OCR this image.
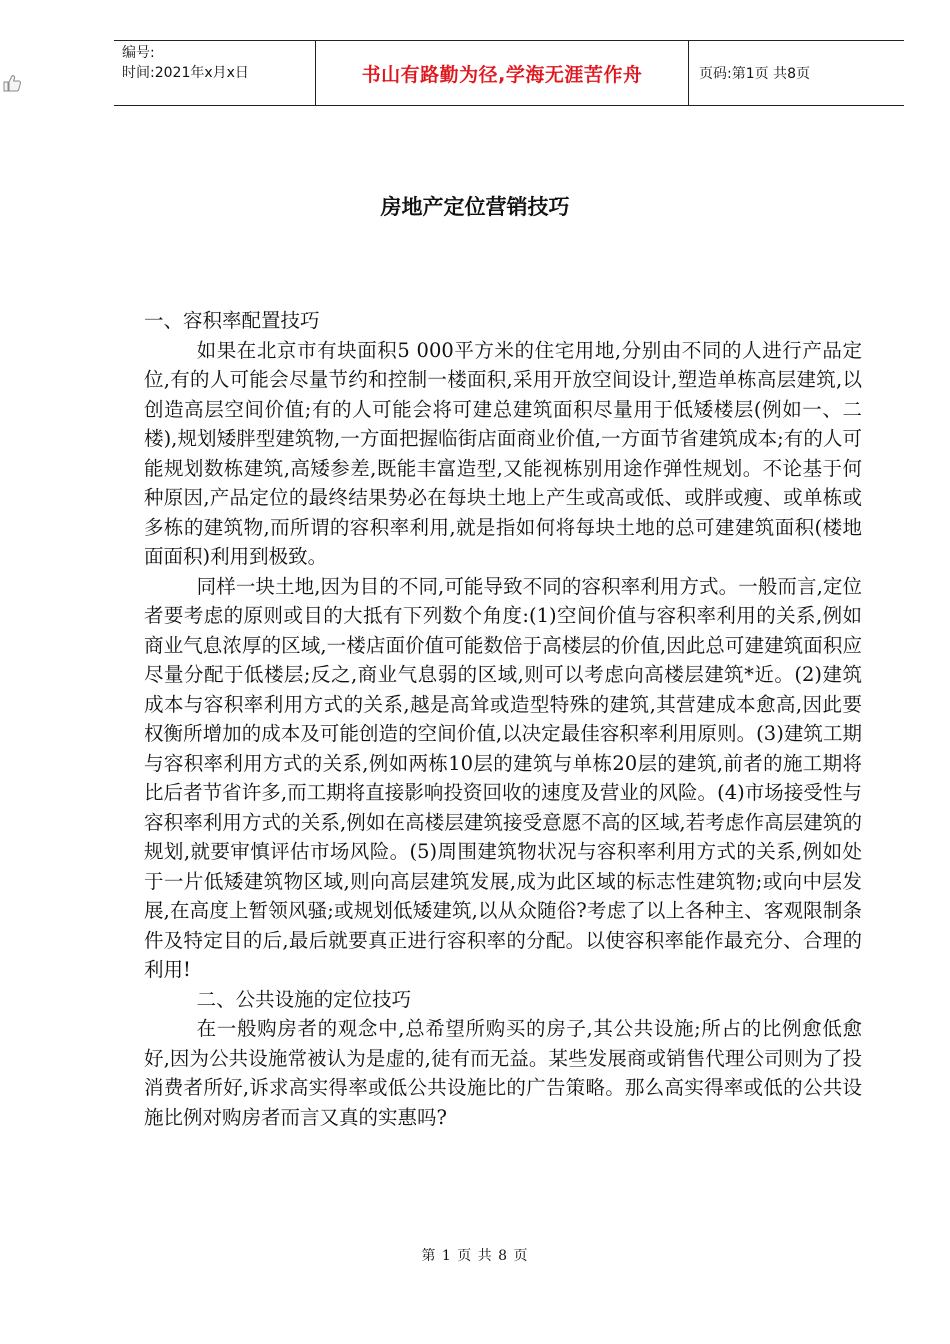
编号:
时间:2021年x月x日	书山有路勤为径,学海无涯苦作舟	页码:第1页 共8页
房地产定位营销技巧

一、容积率配置技巧

如果在北京市有块面积5 000平方米的住宅用地,分别由不同的人进行产品定位,有的人可能会尽量节约和控制一楼面积,采用开放空间设计,塑造单栋高层建筑,以创造高层空间价值;有的人可能会将可建总建筑面积尽量用于低矮楼层(例如一、二楼),规划矮胖型建筑物,一方面把握临街店面商业价值,一方面节省建筑成本;有的人可能规划数栋建筑,高矮参差,既能丰富造型,又能视栋别用途作弹性规划。不论基于何种原因,产品定位的最终结果势必在每块土地上产生或高或低、或胖或瘦、或单栋或多栋的建筑物,而所谓的容积率利用,就是指如何将每块土地的总可建建筑面积(楼地面面积)利用到极致。

同样一块土地,因为目的不同,可能导致不同的容积率利用方式。一般而言,定位者要考虑的原则或目的大抵有下列数个角度:(1)空间价值与容积率利用的关系,例如商业气息浓厚的区域,一楼店面价值可能数倍于高楼层的价值,因此总可建建筑面积应尽量分配于低楼层;反之,商业气息弱的区域,则可以考虑向高楼层建筑*近。(2)建筑成本与容积率利用方式的关系,越是高耸或造型特殊的建筑,其营建成本愈高,因此要权衡所增加的成本及可能创造的空间价值,以决定最佳容积率利用原则。(3)建筑工期与容积率利用方式的关系,例如两栋10层的建筑与单栋20层的建筑,前者的施工期将比后者节省许多,而工期将直接影响投资回收的速度及营业的风险。(4)市场接受性与容积率利用方式的关系,例如在高楼层建筑接受意愿不高的区域,若考虑作高层建筑的规划,就要审慎评估市场风险。(5)周围建筑物状况与容积率利用方式的关系,例如处于一片低矮建筑物区域,则向高层建筑发展,成为此区域的标志性建筑物;或向中层发展,在高度上暂领风骚;或规划低矮建筑,以从众随俗?考虑了以上各种主、客观限制条件及特定目的后,最后就要真正进行容积率的分配。以使容积率能作最充分、合理的利用!

二、公共设施的定位技巧

在一般购房者的观念中,总希望所购买的房子,其公共设施;所占的比例愈低愈好,因为公共设施常被认为是虚的,徒有而无益。某些发展商或销售代理公司则为了投消费者所好,诉求高实得率或低公共设施比的广告策略。那么高实得率或低的公共设施比例对购房者而言又真的实惠吗?

第 1 页 共 8 页
